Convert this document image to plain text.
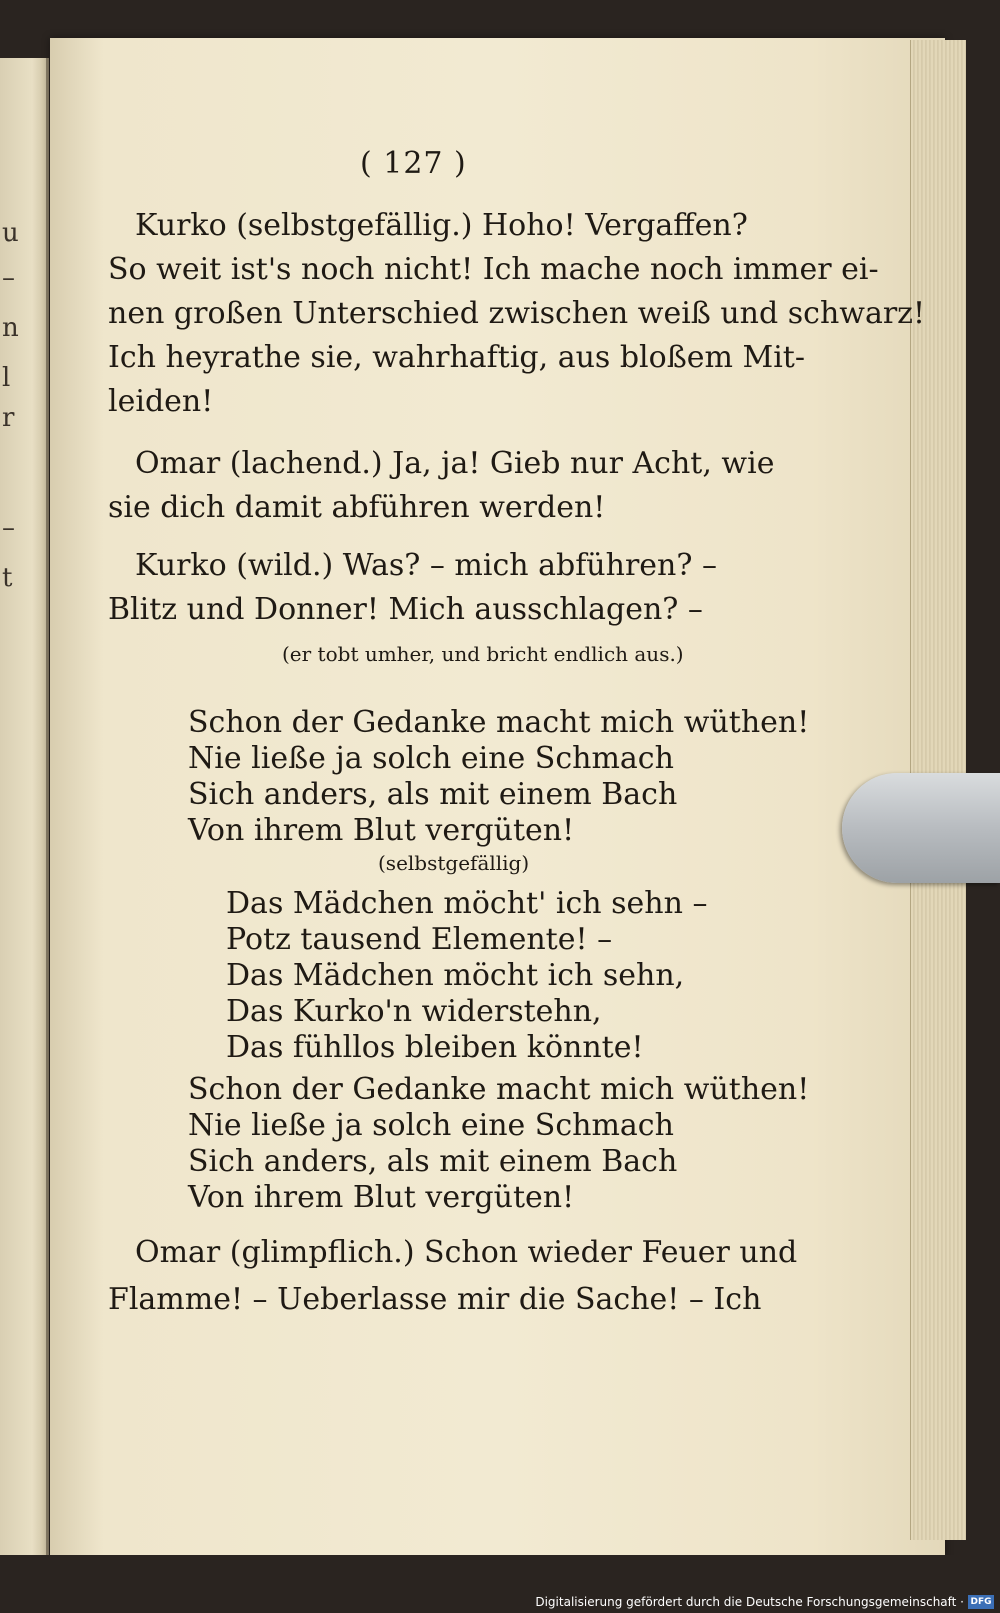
u
–
n
l
r
–
t
( 127 )
Kurko (selbstgefällig.) Hoho! Vergaffen?
So weit ist's noch nicht! Ich mache noch immer ei-
nen großen Unterschied zwischen weiß und schwarz!
Ich heyrathe sie, wahrhaftig, aus bloßem Mit-
leiden!
Omar (lachend.) Ja, ja! Gieb nur Acht, wie
sie dich damit abführen werden!
Kurko (wild.) Was? – mich abführen? –
Blitz und Donner! Mich ausschlagen? –
(er tobt umher, und bricht endlich aus.)
Schon der Gedanke macht mich wüthen!
Nie ließe ja solch eine Schmach
Sich anders, als mit einem Bach
Von ihrem Blut vergüten!
(selbstgefällig)
Das Mädchen möcht' ich sehn –
Potz tausend Elemente! –
Das Mädchen möcht ich sehn,
Das Kurko'n widerstehn,
Das fühllos bleiben könnte!
Schon der Gedanke macht mich wüthen!
Nie ließe ja solch eine Schmach
Sich anders, als mit einem Bach
Von ihrem Blut vergüten!
Omar (glimpflich.) Schon wieder Feuer und
Flamme! – Ueberlasse mir die Sache! – Ich
Digitalisierung gefördert durch die Deutsche Forschungsgemeinschaft · DFG
